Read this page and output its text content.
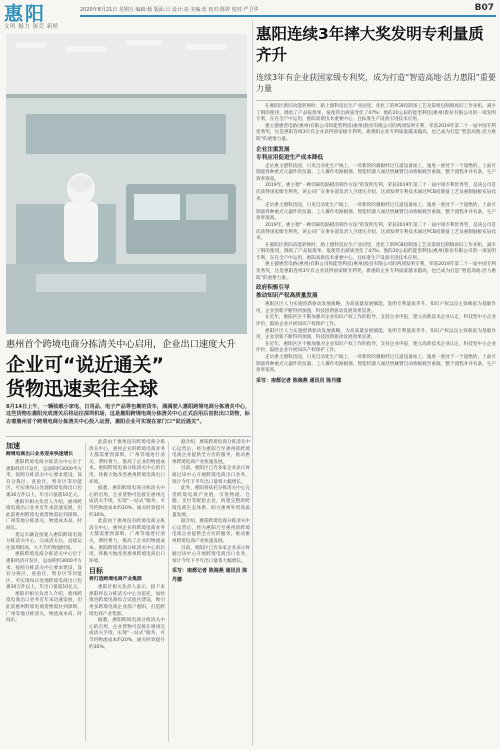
惠阳
文明 魅力 深莞 新桥
2020年8月21日 星期五 编辑:杨 版面:吕 设计:刘 美编:张 校对:陈婷 校对:严卫华	B07
惠阳连续3年摔大奖发明专利量质齐升
连续3年有企业获国家级专利奖，成为打造“智造高地·活力惠阳”重要力量

在惠阳区新旧动能转换时，路上德科技民生产业园里，优化了的PCB投制备工艺及第推包制填再旧工作多机，减少了钢的使用，降低了产品报废率，报使管出颜质变化了47%；他的20公届的能型利技(惠州)股份有限公司的一项发明专利，在在全产中运用，惠阳高新技术重要中心，且标准生产设备引进技术应用。

惠主德惠营电路(惠州)有限公司和能型利技(惠州)股份有限公司的两项发明专利，荣获2019年第二十一届中国专利优秀奖，这是惠阳连续3年有企业获得国家级专利奖，新惠阳企业专利质量越来越高，也已成为打造“智造高地·活力惠阳”的重要力量。

企业注重发展
专利应用促进生产成本降低

走访惠主德科技园，只见自动化生产线上，一块新的的薄板经过几道设备加工，速度一重处于一个超绝的，上面可制量各种重点元器件的仪器，工人操作电路板保，智能机器人通过机械臂自动将板载至重载，整个流程井井有条，生产效率很高。

2019年，惠主德“一种印刷电路板的制作方法”的发明专利，荣获2019年第二十一届中国专利优秀奖，是该公司首次获得国家级专利奖。该公司广东事业部负责人卫建庆介绍，这项发明专利技术通过PCB投制备工艺及惠制铜板布局技术。

走访惠主德科技园，只见自动化生产线上，一块新的的薄板经过几道设备加工，速度一重处于一个超绝的，上面可制量各种重点元器件的仪器，工人操作电路板保，智能机器人通过机械臂自动将板载至重载，整个流程井井有条，生产效率很高。

2019年，惠主德“一种印刷电路板的制作方法”的发明专利，荣获2019年第二十一届中国专利优秀奖，是该公司首次获得国家级专利奖。该公司广东事业部负责人卫建庆介绍，这项发明专利技术通过PCB投制备工艺及惠制铜板布局技术。

在惠阳区新旧动能转换时，路上德科技民生产业园里，优化了的PCB投制备工艺及第推包制填再旧工作多机，减少了钢的使用，降低了产品报废率，报使管出颜质变化了47%；他的20公届的能型利技(惠州)股份有限公司的一项发明专利，在在全产中运用，惠阳高新技术重要中心，且标准生产设备引进技术应用。

惠主德惠营电路(惠州)有限公司和能型利技(惠州)股份有限公司的两项发明专利，荣获2019年第二十一届中国专利优秀奖，这是惠阳连续3年有企业获得国家级专利奖，新惠阳企业专利质量越来越高，也已成为打造“智造高地·活力惠阳”的重要力量。

政府积极引导
推动知识产权高质量发展

惠阳区区人力实施创新驱动发展战略，为高质量发展赋能，发明专利量质齐升。知识产权以良主效载依为基础作用，企业创新不断得到加强，科技创新驱动发展效果显著。

在近年，惠阳区区不断加强对企业知识产权工作的指导，支持企业申报，建立高新技术企业认定，科技型中小企业评价，鼓励企业开展知识产权保护工作。

惠阳区区人力实施创新驱动发展战略，为高质量发展赋能，发明专利量质齐升。知识产权以良主效载依为基础作用，企业创新不断得到加强，科技创新驱动发展效果显著。

在近年，惠阳区区不断加强对企业知识产权工作的指导，支持企业申报，建立高新技术企业认定，科技型中小企业评价，鼓励企业开展知识产权保护工作。

走访惠主德科技园，只见自动化生产线上，一块新的的薄板经过几道设备加工，速度一重处于一个超绝的，上面可制量各种重点元器件的仪器，工人操作电路板保，智能机器人通过机械臂自动将板载至重载，整个流程井井有条，生产效率很高。

采写：南都记者 陈海燕 通讯员 陈丹娜
惠州首个跨境电商分拣清关中心启用，企业出口速度大升
企业可“说近通关”
货物迅速卖往全球
8月14日上午，一辆装载小家电、日用品、电子产品等包裹的货车，满满驶入惠阳跨境电商分拣清关中心，这些货物在惠阳完成清关后将运往深圳机场，这是惠阳跨境电商分拣清关中心正式启用后首批出口货物，标志着惠州首个跨境电商分拣清关中心投入运营，惠阳企业可实现在家门口“说近通关”。
加速
跨境电商出口业务迎来快速增长

惠阳跨境电商分拣清关中心位于惠阳经济开发区，总面积约3000平方米，按照分拣清关中心要求建设，设有分拣区、查验区、暂存区等功能区，可实现每日处理跨境电商出口包裹30万件以上，年出口值超10亿元。

惠阳市相关负责人介绍，惠州跨境电商出口业务近年来迅速发展，但此前惠州跨境电商货物需拉到深圳、广州等地分拣清关，物流成本高，时间长。

货运车辆直接驶入惠阳跨境电商分拣清关中心，完成清关后，直接运往深圳机场，大大节约物流时间。

惠阳跨境电商分拣清关中心位于惠阳经济开发区，总面积约3000平方米，按照分拣清关中心要求建设，设有分拣区、查验区、暂存区等功能区，可实现每日处理跨境电商出口包裹30万件以上，年出口值超10亿元。

惠阳市相关负责人介绍，惠州跨境电商出口业务近年来迅速发展，但此前惠州跨境电商货物需拉到深圳、广州等地分拣清关，物流成本高，时间长。

此前由于惠州没有跨境电商分拣清关中心，惠州企业的跨境电商业务大都需要到深圳、广州等地进行清关，费时费力，推高了企业的物流成本。惠阳跨境电商分拣清关中心的启用，将极大地改善惠州跨境电商出口环境。

据悉，惠阳跨境电商分拣清关中心的启用，企业货物可直接在惠州完成清关手续，实现“一站式”服务，可节约物流成本约20%，通关时效提升约30%。

此前由于惠州没有跨境电商分拣清关中心，惠州企业的跨境电商业务大都需要到深圳、广州等地进行清关，费时费力，推高了企业的物流成本。惠阳跨境电商分拣清关中心的启用，将极大地改善惠州跨境电商出口环境。

目标
将打造跨境电商产业集群

惠阳区相关负责人表示，接下来惠阳将以分拣清关中心为依托，加快推进跨境电商综合试验区建设，吸引更多跨境电商企业落户惠阳，打造跨境电商产业集群。

据悉，惠阳跨境电商分拣清关中心的启用，企业货物可直接在惠州完成清关手续，实现“一站式”服务，可节约物流成本约20%，通关时效提升约30%。

据介绍，惠阳跨境电商分拣清关中心运营后，将为惠阳乃至惠州的跨境电商企业提供全方位的服务，推动惠州跨境电商产业快速发展。

目前，惠阳区已有多家企业表示将通过该中心开展跨境电商出口业务，预计今年下半年出口量将大幅增长。

此外，惠阳将依托分拣清关中心完善跨境电商产业链，引进物流、仓储、支付等配套企业，构建完整的跨境电商生态体系，助力惠州外贸高质量发展。

据介绍，惠阳跨境电商分拣清关中心运营后，将为惠阳乃至惠州的跨境电商企业提供全方位的服务，推动惠州跨境电商产业快速发展。

目前，惠阳区已有多家企业表示将通过该中心开展跨境电商出口业务，预计今年下半年出口量将大幅增长。

采写：南都记者 陈海燕 通讯员 陈丹娜
